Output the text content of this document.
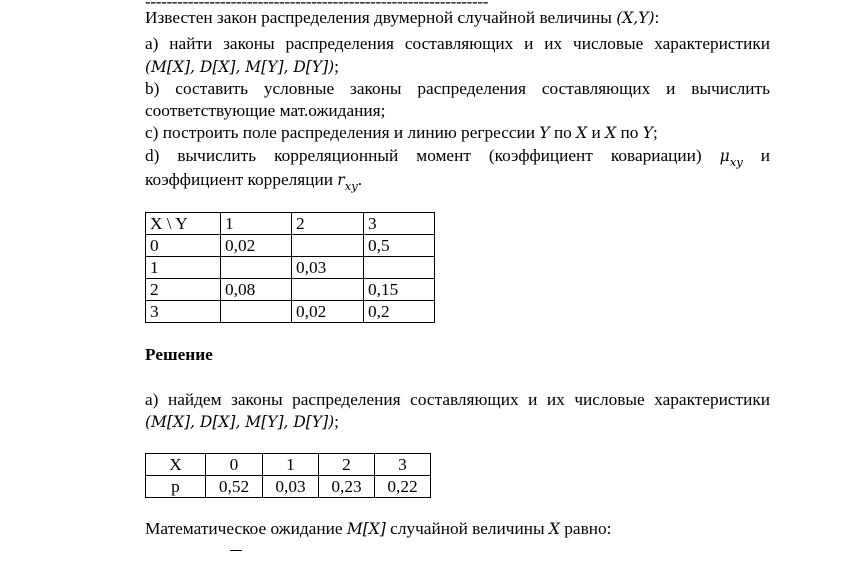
----------------------------------------------------------------
Известен закон распределения двумерной случайной величины (X,Y):
а) найти законы распределения составляющих и их числовые характеристики
(M[X], D[X], M[Y], D[Y]);
b) составить условные законы распределения составляющих и вычислить
соответствующие мат.ожидания;
с) построить поле распределения и линию регрессии Y по X и X по Y;
d) вычислить корреляционный момент (коэффициент ковариации) $\mu_{xy}$ и
коэффициент корреляции $r_{xy}$.
X \ Y	1	2	3
0	0,02		0,5
1		0,03	
2	0,08		0,15
3		0,02	0,2
Решение
а) найдем законы распределения составляющих и их числовые характеристики
(M[X], D[X], M[Y], D[Y]);
X	0	1	2	3
p	0,52	0,03	0,23	0,22
Математическое ожидание M[X] случайной величины X равно:
